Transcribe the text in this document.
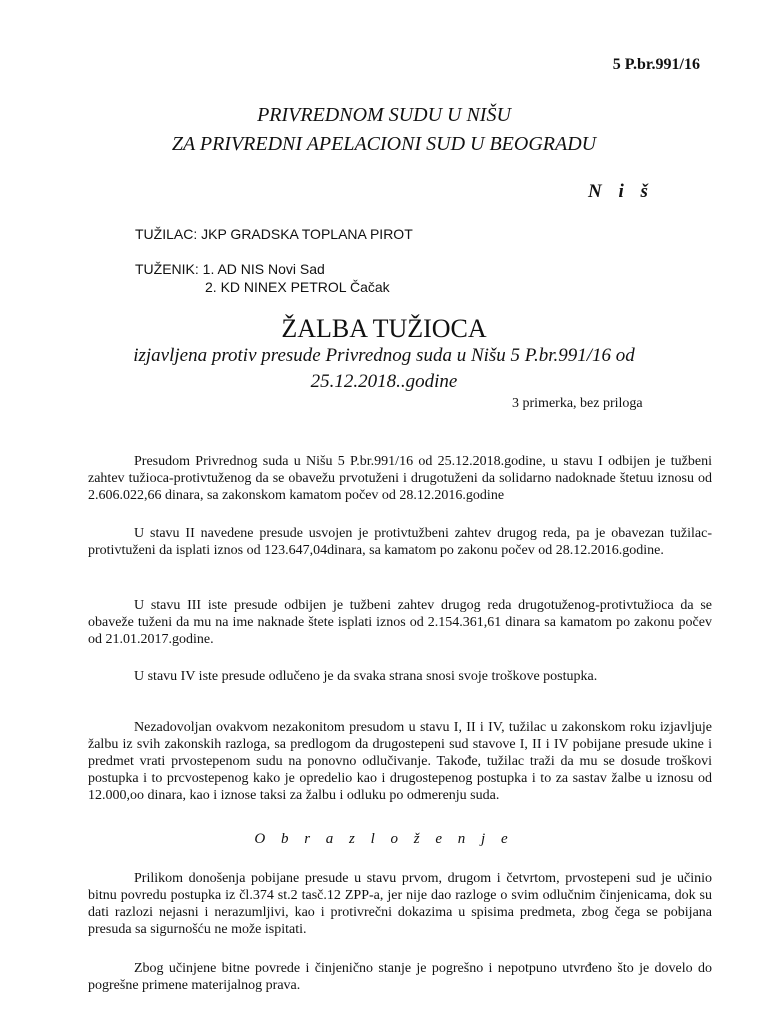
5 P.br.991/16
PRIVREDNOM SUDU U NIŠU
ZA PRIVREDNI APELACIONI SUD U BEOGRADU
N i š
TUŽILAC: JKP GRADSKA TOPLANA PIROT
TUŽENIK: 1. AD NIS Novi Sad
2. KD NINEX PETROL Čačak
ŽALBA TUŽIOCA
izjavljena protiv presude Privrednog suda u Nišu 5 P.br.991/16 od
25.12.2018..godine
3 primerka, bez priloga

Presudom Privrednog suda u Nišu 5 P.br.991/16 od 25.12.2018.godine, u stavu I odbijen je tužbeni zahtev tužioca-protivtuženog da se obavežu prvotuženi i drugotuženi da solidarno nadoknade štetuu iznosu od 2.606.022,66 dinara, sa zakonskom kamatom počev od 28.12.2016.godine

U stavu II navedene presude usvojen je protivtužbeni zahtev drugog reda, pa je obavezan tužilac-protivtuženi da isplati iznos od 123.647,04dinara, sa kamatom po zakonu počev od 28.12.2016.godine.

U stavu III iste presude odbijen je tužbeni zahtev drugog reda drugotuženog-protivtužioca da se obaveže tuženi da mu na ime naknade štete isplati iznos od 2.154.361,61 dinara sa kamatom po zakonu počev od 21.01.2017.godine.

U stavu IV iste presude odlučeno je da svaka strana snosi svoje troškove postupka.

Nezadovoljan ovakvom nezakonitom presudom u stavu I, II i IV, tužilac u zakonskom roku izjavljuje žalbu iz svih zakonskih razloga, sa predlogom da drugostepeni sud stavove I, II i IV pobijane presude ukine i predmet vrati prvostepenom sudu na ponovno odlučivanje. Takođe, tužilac traži da mu se dosude troškovi postupka i to prcvostepenog kako je opredelio kao i drugostepenog postupka i to za sastav žalbe u iznosu od 12.000,oo dinara, kao i iznose taksi za žalbu i odluku po odmerenju suda.

O b r a z l o ž e n j e

Prilikom donošenja pobijane presude u stavu prvom, drugom i četvrtom, prvostepeni sud je učinio bitnu povredu postupka iz čl.374 st.2 tasč.12 ZPP-a, jer nije dao razloge o svim odlučnim činjenicama, dok su dati razlozi nejasni i nerazumljivi, kao i protivrečni dokazima u spisima predmeta, zbog čega se pobijana presuda sa sigurnošću ne može ispitati.

Zbog učinjene bitne povrede i činjenično stanje je pogrešno i nepotpuno utvrđeno što je dovelo do pogrešne primene materijalnog prava.
